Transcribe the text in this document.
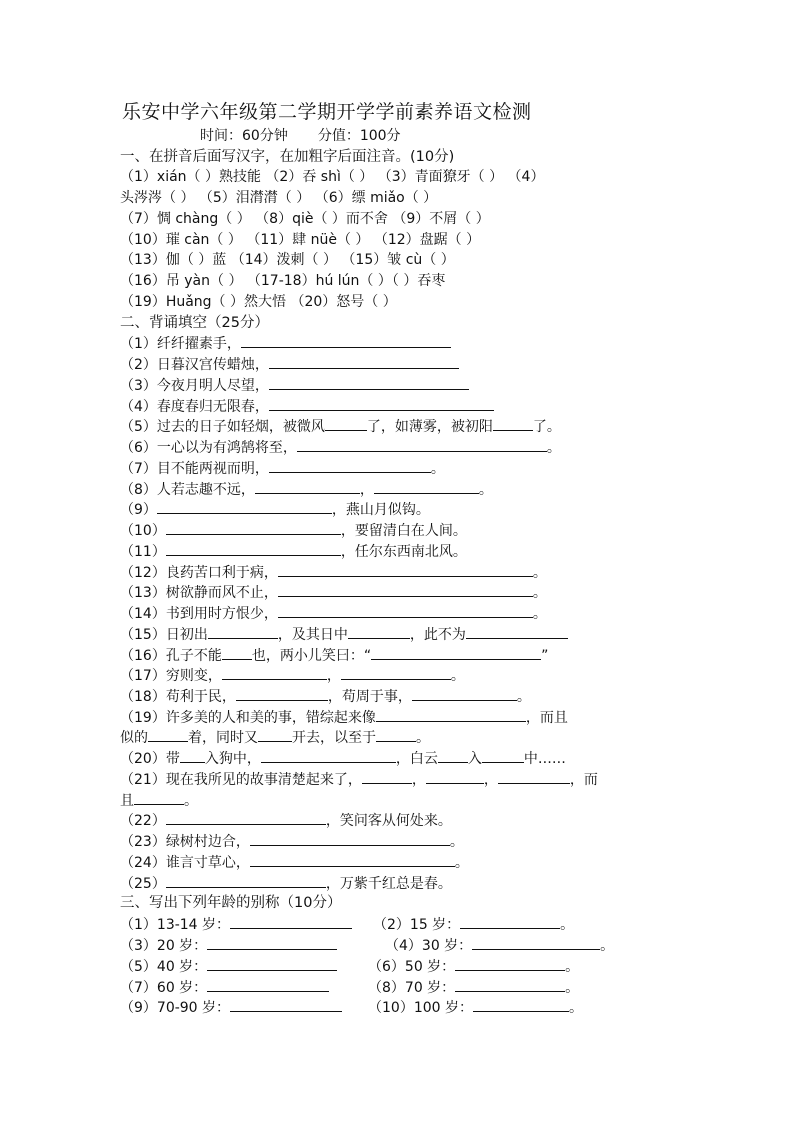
乐安中学六年级第二学期开学学前素养语文检测
时间：60分钟 分值：100分
一、在拼音后面写汉字，在加粗字后面注音。(10分)
（1）xián（ ）熟技能 （2）吞 shì（ ） （3）青面獠牙（ ） （4）
头涔涔（ ） （5）泪潸潸（ ） （6）缥 miǎo（ ）
（7）惆 chàng（ ） （8）qiè（ ）而不舍 （9）不屑（ ）
（10）璀 càn（ ） （11）肆 nüè（ ） （12）盘踞（ ）
（13）伽（ ）蓝 （14）泼刺（ ） （15）皱 cù（ ）
（16）吊 yàn（ ） （17-18）hú lún（ ）（ ）吞枣
（19）Huǎng（ ）然大悟 （20）怒号（ ）
二、背诵填空（25分）
（1）纤纤擢素手，
（2）日暮汉宫传蜡烛，
（3）今夜月明人尽望，
（4）春度春归无限春，
（5）过去的日子如轻烟，被微风	了，如薄雾，被初阳	了。
（6）一心以为有鸿鹄将至，	。
（7）目不能两视而明，	。
（8）人若志趣不远，	，	。
（9）	，燕山月似钩。
（10）	，要留清白在人间。
（11）	，任尔东西南北风。
（12）良药苦口利于病，	。
（13）树欲静而风不止，	。
（14）书到用时方恨少，	。
（15）日初出	，及其日中	，此不为
（16）孔子不能 也，两小儿笑曰：“	”
（17）穷则变，	，	。
（18）苟利于民，	，苟周于事，	。
（19）许多美的人和美的事，错综起来像	，而且
似的	着，同时又 开去，以至于	。
（20）带 入狗中，	，白云 入	中……
（21）现在我所见的故事清楚起来了，	，	，	，而
且	。
（22）	，笑问客从何处来。
（23）绿树村边合，	。
（24）谁言寸草心，	。
（25）	，万紫千红总是春。
三、写出下列年龄的别称（10分）
（1）13-14 岁：	（2）15 岁：	。
（3）20 岁：	（4）30 岁：	。
（5）40 岁：	（6）50 岁：	。
（7）60 岁：	（8）70 岁：	。
（9）70-90 岁：	（10）100 岁：	。
